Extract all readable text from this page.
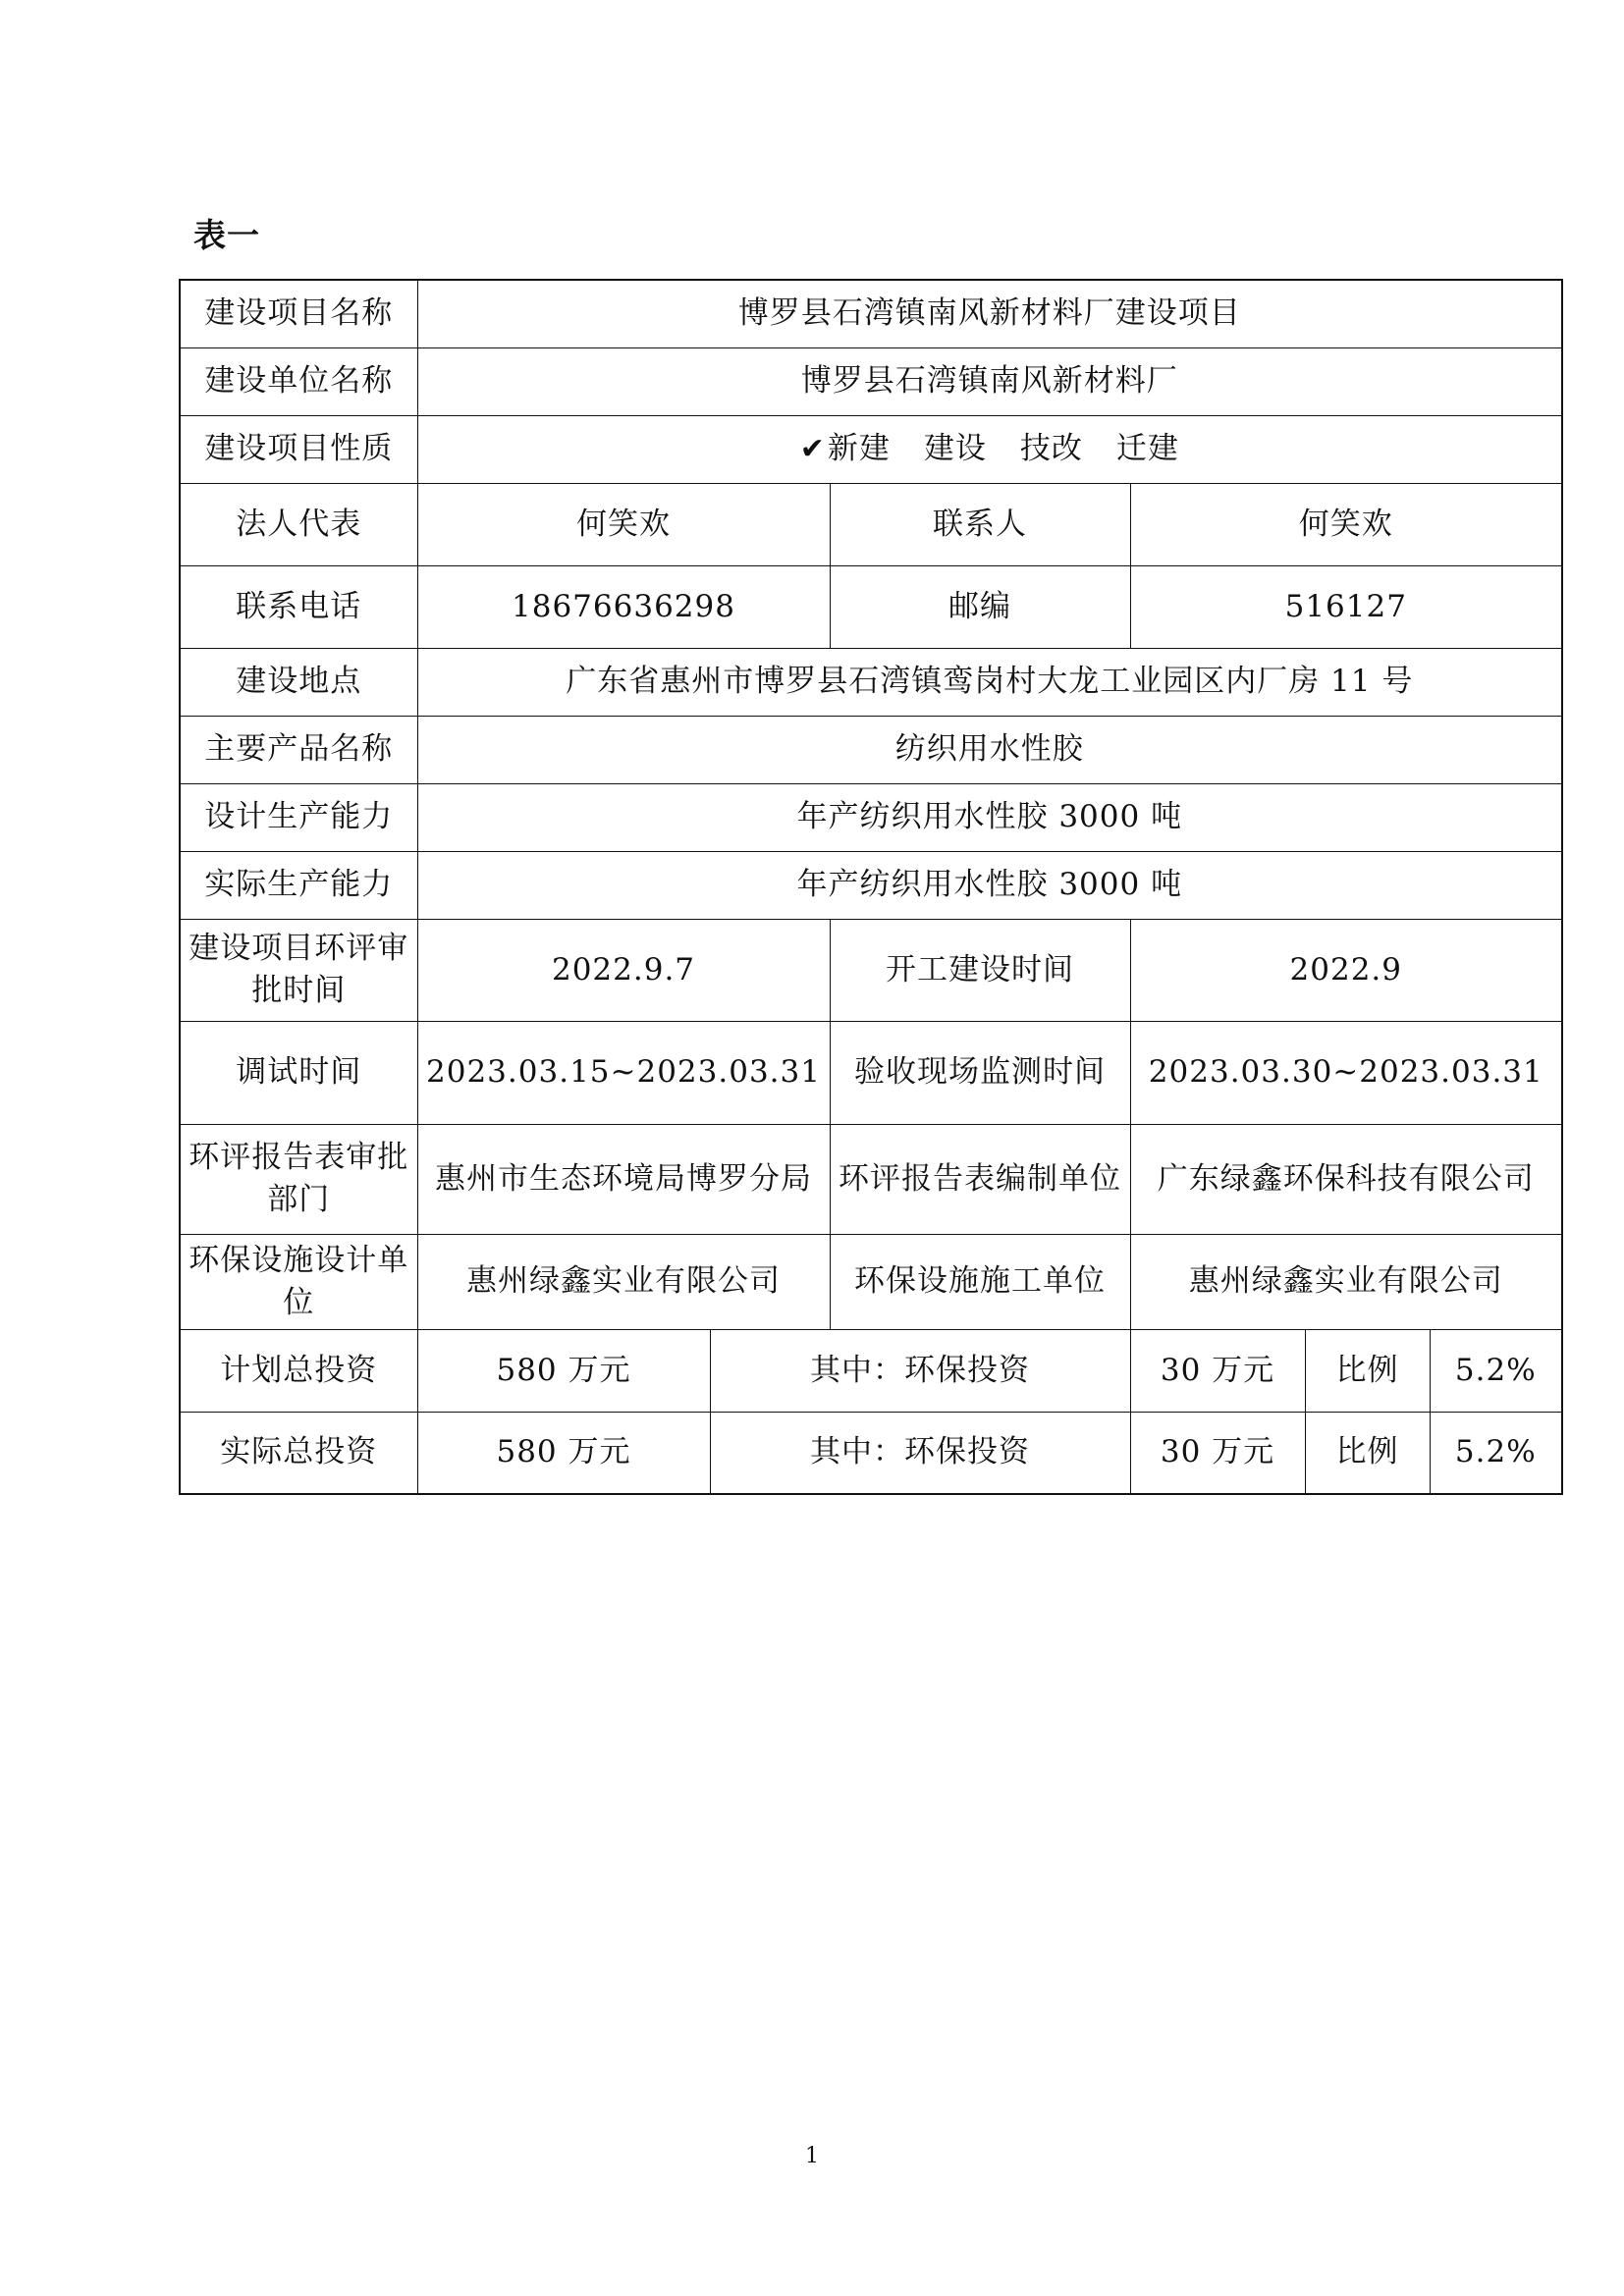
表一
建设项目名称	博罗县石湾镇南风新材料厂建设项目					
建设单位名称	博罗县石湾镇南风新材料厂					
建设项目性质	✔新建 建设 技改 迁建					

法人代表	何笑欢		联系人	何笑欢		
联系电话	18676636298		邮编	516127		
建设地点	广东省惠州市博罗县石湾镇鸾岗村大龙工业园区内厂房 11 号					
主要产品名称	纺织用水性胶					
设计生产能力	年产纺织用水性胶 3000 吨					
实际生产能力	年产纺织用水性胶 3000 吨					
建设项目环评审批时间	2022.9.7		开工建设时间	2022.9		
调试时间	2023.03.15~2023.03.31		验收现场监测时间	2023.03.30~2023.03.31		
环评报告表审批部门	惠州市生态环境局博罗分局		环评报告表编制单位	广东绿鑫环保科技有限公司		
环保设施设计单位	惠州绿鑫实业有限公司		环保设施施工单位	惠州绿鑫实业有限公司		
计划总投资	580 万元	其中：环保投资		30 万元	比例	5.2%
实际总投资	580 万元	其中：环保投资		30 万元	比例	5.2%
1
